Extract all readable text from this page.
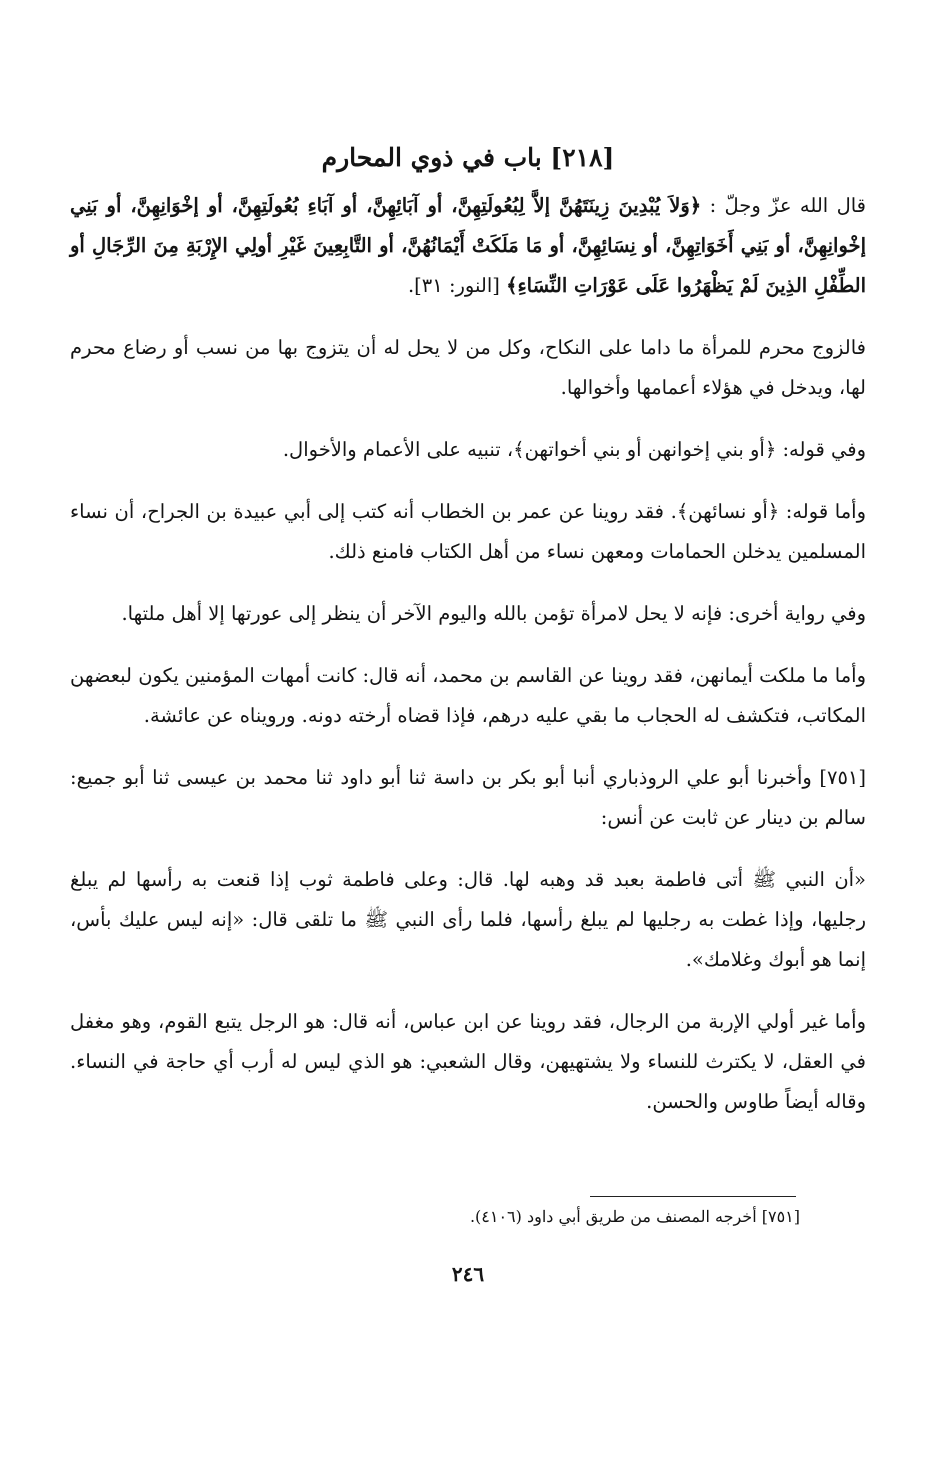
[٢١٨] باب في ذوي المحارم

قال الله عزّ وجلّ : ﴿وَلاَ يُبْدِينَ زِينَتَهُنَّ إلاَّ لِبُعُولَتِهِنَّ، أو آبَائِهِنَّ، أو آبَاءِ بُعُولَتِهِنَّ، أو إخْوَانِهِنَّ، أو بَنِي إخْوانِهِنَّ، أو بَنِي أَخَوَاتِهِنَّ، أو نِسَائِهِنَّ، أو مَا مَلَكَتْ أَيْمَانُهُنَّ، أو التَّابِعِينَ غَيْرِ أولِي الإِرْبَةِ مِنَ الرِّجَالِ أو الطِّفْلِ الذِينَ لَمْ يَظْهَرُوا عَلَى عَوْرَاتِ النِّسَاءِ﴾ [النور: ٣١].

فالزوج محرم للمرأة ما داما على النكاح، وكل من لا يحل له أن يتزوج بها من نسب أو رضاع محرم لها، ويدخل في هؤلاء أعمامها وأخوالها.

وفي قوله: ﴿أو بني إخوانهن أو بني أخواتهن﴾، تنبيه على الأعمام والأخوال.

وأما قوله: ﴿أو نسائهن﴾. فقد روينا عن عمر بن الخطاب أنه كتب إلى أبي عبيدة بن الجراح، أن نساء المسلمين يدخلن الحمامات ومعهن نساء من أهل الكتاب فامنع ذلك.

وفي رواية أخرى: فإنه لا يحل لامرأة تؤمن بالله واليوم الآخر أن ينظر إلى عورتها إلا أهل ملتها.

وأما ما ملكت أيمانهن، فقد روينا عن القاسم بن محمد، أنه قال: كانت أمهات المؤمنين يكون لبعضهن المكاتب، فتكشف له الحجاب ما بقي عليه درهم، فإذا قضاه أرخته دونه. ورويناه عن عائشة.

[٧٥١] وأخبرنا أبو علي الروذباري أنبا أبو بكر بن داسة ثنا أبو داود ثنا محمد بن عيسى ثنا أبو جميع: سالم بن دينار عن ثابت عن أنس:

«أن النبي ﷺ أتى فاطمة بعبد قد وهبه لها. قال: وعلى فاطمة ثوب إذا قنعت به رأسها لم يبلغ رجليها، وإذا غطت به رجليها لم يبلغ رأسها، فلما رأى النبي ﷺ ما تلقى قال: «إنه ليس عليك بأس، إنما هو أبوك وغلامك».

وأما غير أولي الإربة من الرجال، فقد روينا عن ابن عباس، أنه قال: هو الرجل يتبع القوم، وهو مغفل في العقل، لا يكترث للنساء ولا يشتهيهن، وقال الشعبي: هو الذي ليس له أرب أي حاجة في النساء. وقاله أيضاً طاوس والحسن.

[٧٥١] أخرجه المصنف من طريق أبي داود (٤١٠٦).
٢٤٦
